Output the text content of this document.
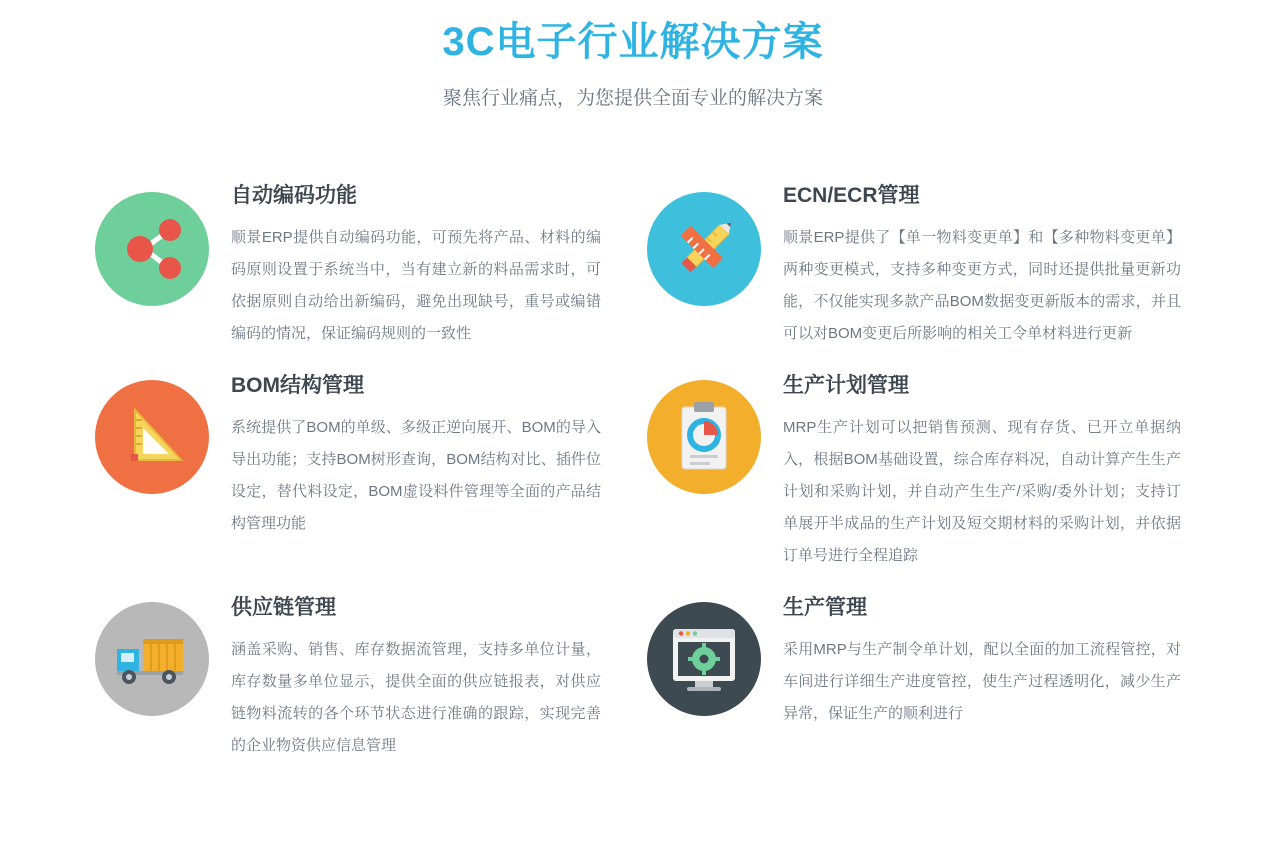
3C电子行业解决方案

聚焦行业痛点，为您提供全面专业的解决方案

自动编码功能

顺景ERP提供自动编码功能，可预先将产品、材料的编码原则设置于系统当中，当有建立新的料品需求时，可依据原则自动给出新编码，避免出现缺号，重号或编错编码的情况，保证编码规则的一致性

ECN/ECR管理

顺景ERP提供了【单一物料变更单】和【多种物料变更单】两种变更模式，支持多种变更方式，同时还提供批量更新功能，不仅能实现多款产品BOM数据变更新版本的需求，并且可以对BOM变更后所影响的相关工令单材料进行更新

BOM结构管理

系统提供了BOM的单级、多级正逆向展开、BOM的导入导出功能；支持BOM树形查询，BOM结构对比、插件位设定，替代料设定，BOM虚设料件管理等全面的产品结构管理功能

生产计划管理

MRP生产计划可以把销售预测、现有存货、已开立单据纳入，根据BOM基础设置，综合库存料况，自动计算产生生产计划和采购计划，并自动产生生产/采购/委外计划；支持订单展开半成品的生产计划及短交期材料的采购计划，并依据订单号进行全程追踪

供应链管理

涵盖采购、销售、库存数据流管理，支持多单位计量，库存数量多单位显示，提供全面的供应链报表，对供应链物料流转的各个环节状态进行准确的跟踪，实现完善的企业物资供应信息管理

生产管理

采用MRP与生产制令单计划，配以全面的加工流程管控，对车间进行详细生产进度管控，使生产过程透明化，减少生产异常，保证生产的顺利进行
